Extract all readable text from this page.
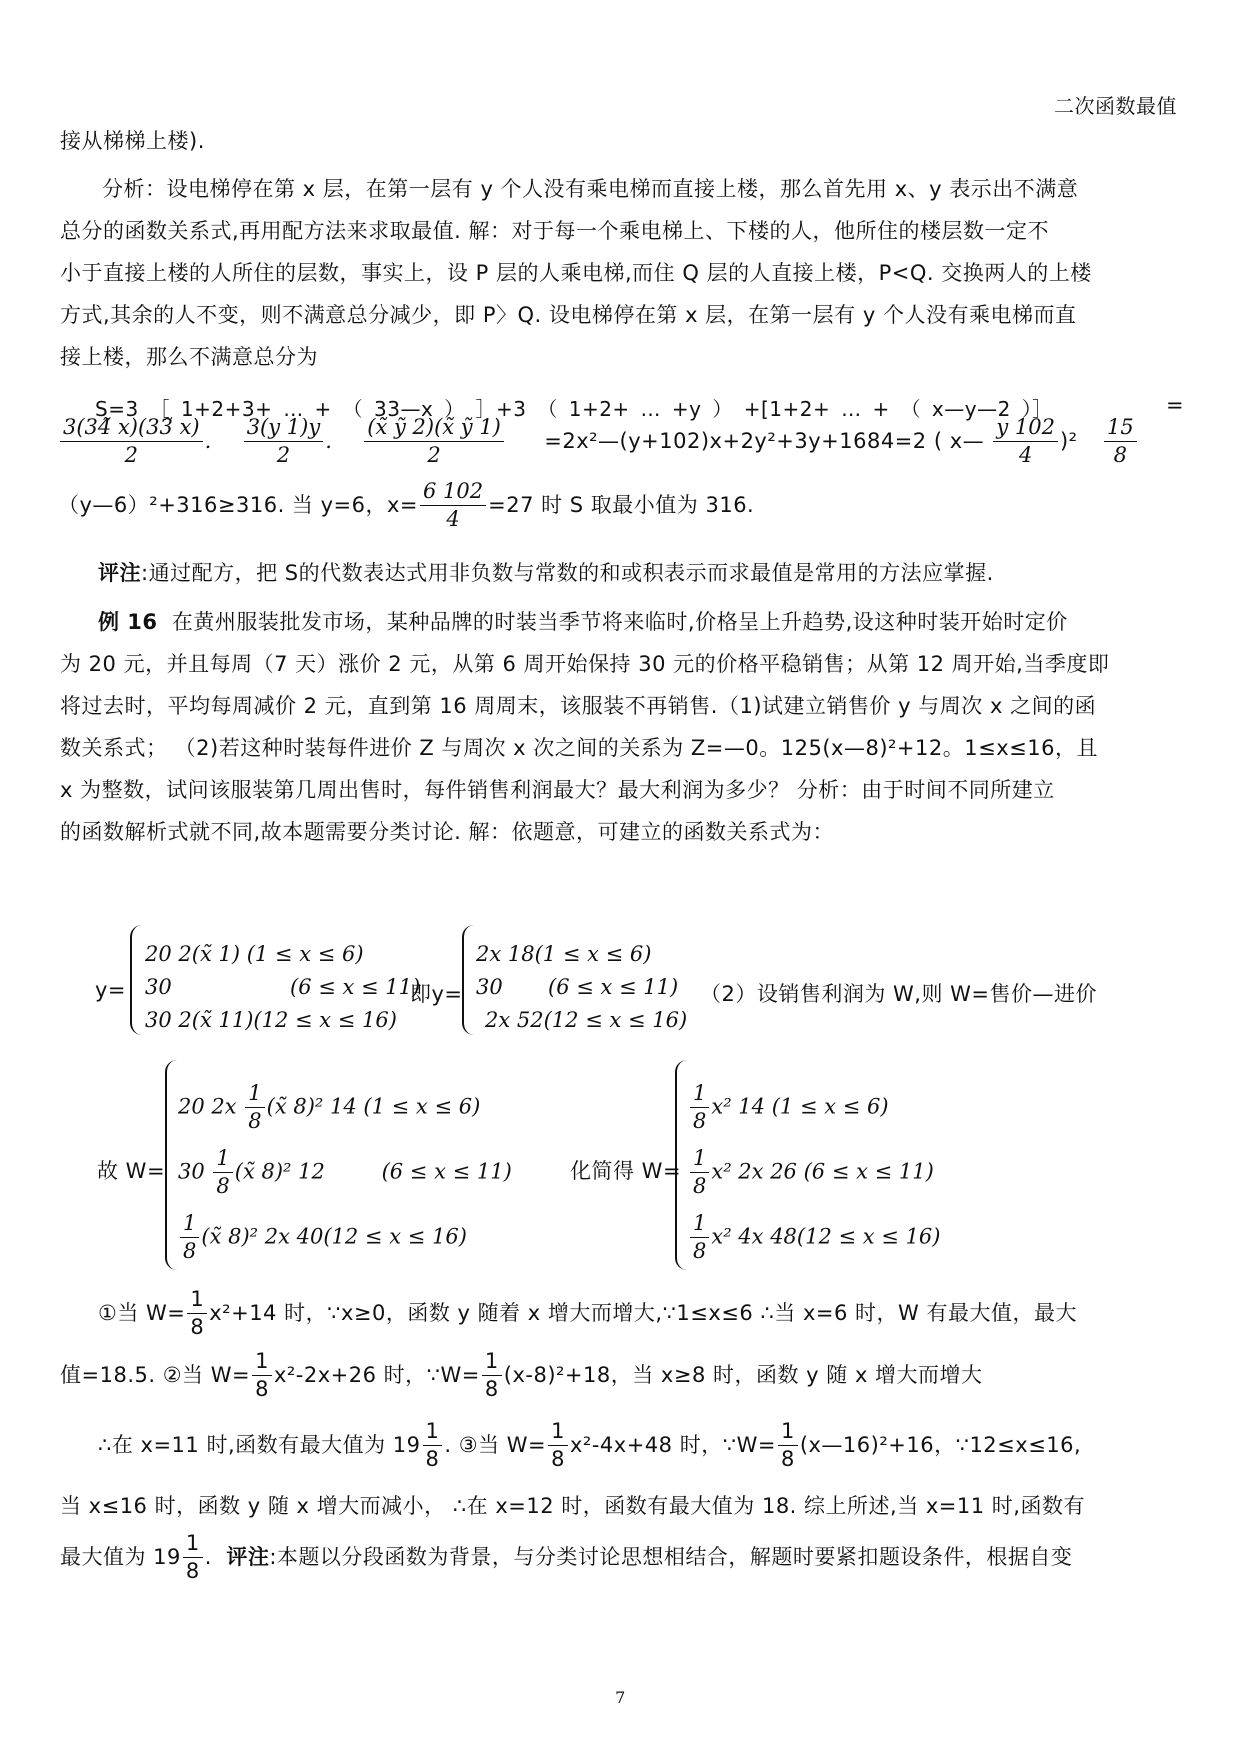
二次函数最值
接从梯梯上楼).
分析：设电梯停在第 x 层，在第一层有 y 个人没有乘电梯而直接上楼，那么首先用 x、y 表示出不满意
总分的函数关系式,再用配方法来求取最值. 解：对于每一个乘电梯上、下楼的人，他所住的楼层数一定不
小于直接上楼的人所住的层数，事实上，设 P 层的人乘电梯,而住 Q 层的人直接上楼，P<Q. 交换两人的上楼
方式,其余的人不变，则不满意总分减少，即 P〉Q. 设电梯停在第 x 层，在第一层有 y 个人没有乘电梯而直
接上楼，那么不满意总分为
S=3 ［ 1+2+3+ … + （ 33—x ） ］+3 （ 1+2+ … +y ） +[1+2+ … + （ x—y—2 ）］	=
$\frac{3(34̃ x)(33̃ x)}{2}$ . $\frac{3(y 1)y}{2}$ . $\frac{\text{(x̃ ỹ 2)(x̃ ỹ 1)}}{2}$ =2x²—(y+102)x+2y²+3y+1684=2 ( x— $\frac{y 102}{4} )^2 \frac{15}{8}$
（y—6）²+316≥316. 当 y=6，$x= \frac{6 102}{4} =27$ 时 S 取最小值为 316.
评注:通过配方，把 S的代数表达式用非负数与常数的和或积表示而求最值是常用的方法应掌握.
例 16 在黄州服装批发市场，某种品牌的时装当季节将来临时,价格呈上升趋势,设这种时装开始时定价
为 20 元，并且每周（7 天）涨价 2 元，从第 6 周开始保持 30 元的价格平稳销售；从第 12 周开始,当季度即
将过去时，平均每周减价 2 元，直到第 16 周周末，该服装不再销售.（1)试建立销售价 y 与周次 x 之间的函
数关系式； （2)若这种时装每件进价 Z 与周次 x 次之间的关系为 Z=—0。125(x—8)²+12。1≤x≤16，且
x 为整数，试问该服装第几周出售时，每件销售利润最大？最大利润为多少？ 分析：由于时间不同所建立
的函数解析式就不同,故本题需要分类讨论. 解：依题意，可建立的函数关系式为：
y=
20 2(x̃ 1) (1 ≤ x ≤ 6)
30	(6 ≤ x ≤ 11)
30 2(x̃ 11)(12 ≤ x ≤ 16)
即y=
2x 18(1 ≤ x ≤ 6)
30 (6 ≤ x ≤ 11)
2x 52(12 ≤ x ≤ 16)
（2）设销售利润为 W,则 W=售价—进价
故 W=
20 $2x \frac{1}{8}$ (x̃ 8)² 14 (1 ≤ x ≤ 6)
$30 \frac{1}{8}$ (x̃ 8)² 12	(6 ≤ x ≤ 11)
$\frac{1}{8}$ (x̃ 8)² 2x 40(12 ≤ x ≤ 16)
化简得 W=
$\frac{1}{8} x^2$ 14 (1 ≤ x ≤ 6)
$\frac{1}{8} x^2$ 2x 26 (6 ≤ x ≤ 11)
$\frac{1}{8} x^2$ 4x 48(12 ≤ x ≤ 16)
①当 $W= \frac{1}{8} x^2+14$ 时，∵x≥0，函数 y 随着 x 增大而增大,∵1≤x≤6 ∴当 x=6 时，W 有最大值，最大
值=18.5. ②当 $W= \frac{1}{8} x^2-2x+26$ 时，∵W= $\frac{1}{8} (x-8)^2+18$，当 x≥8 时，函数 y 随 x 增大而增大
∴在 x=11 时,函数有最大值为 $19 \frac{1}{8}$ . ③当 $W= \frac{1}{8} x^2-4x+48$ 时，∵W= $\frac{1}{8}$ (x—16)²+16，∵12≤x≤16,
当 x≤16 时，函数 y 随 x 增大而减小， ∴在 x=12 时，函数有最大值为 18. 综上所述,当 x=11 时,函数有
最大值为 $19 \frac{1}{8}$ . 评注:本题以分段函数为背景，与分类讨论思想相结合，解题时要紧扣题设条件，根据自变
7
